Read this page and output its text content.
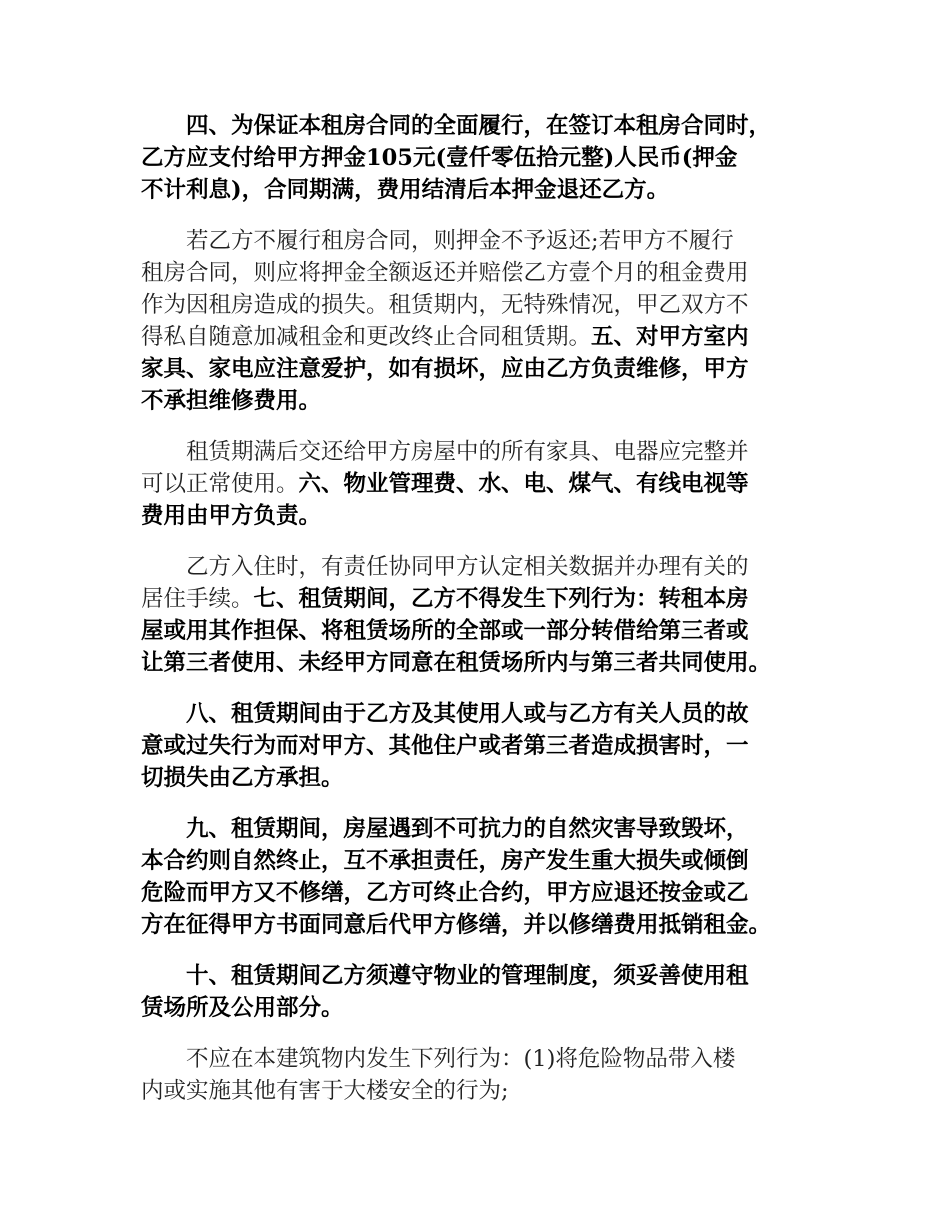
四、为保证本租房合同的全面履行，在签订本租房合同时，
乙方应支付给甲方押金105元(壹仟零伍拾元整)人民币(押金
不计利息)，合同期满，费用结清后本押金退还乙方。
若乙方不履行租房合同，则押金不予返还;若甲方不履行
租房合同，则应将押金全额返还并赔偿乙方壹个月的租金费用
作为因租房造成的损失。租赁期内，无特殊情况，甲乙双方不
得私自随意加减租金和更改终止合同租赁期。五、对甲方室内
家具、家电应注意爱护，如有损坏，应由乙方负责维修，甲方
不承担维修费用。
租赁期满后交还给甲方房屋中的所有家具、电器应完整并
可以正常使用。六、物业管理费、水、电、煤气、有线电视等
费用由甲方负责。
乙方入住时，有责任协同甲方认定相关数据并办理有关的
居住手续。七、租赁期间，乙方不得发生下列行为：转租本房
屋或用其作担保、将租赁场所的全部或一部分转借给第三者或
让第三者使用、未经甲方同意在租赁场所内与第三者共同使用。
八、租赁期间由于乙方及其使用人或与乙方有关人员的故
意或过失行为而对甲方、其他住户或者第三者造成损害时，一
切损失由乙方承担。
九、租赁期间，房屋遇到不可抗力的自然灾害导致毁坏，
本合约则自然终止，互不承担责任，房产发生重大损失或倾倒
危险而甲方又不修缮，乙方可终止合约，甲方应退还按金或乙
方在征得甲方书面同意后代甲方修缮，并以修缮费用抵销租金。
十、租赁期间乙方须遵守物业的管理制度，须妥善使用租
赁场所及公用部分。
不应在本建筑物内发生下列行为：(1)将危险物品带入楼
内或实施其他有害于大楼安全的行为;
